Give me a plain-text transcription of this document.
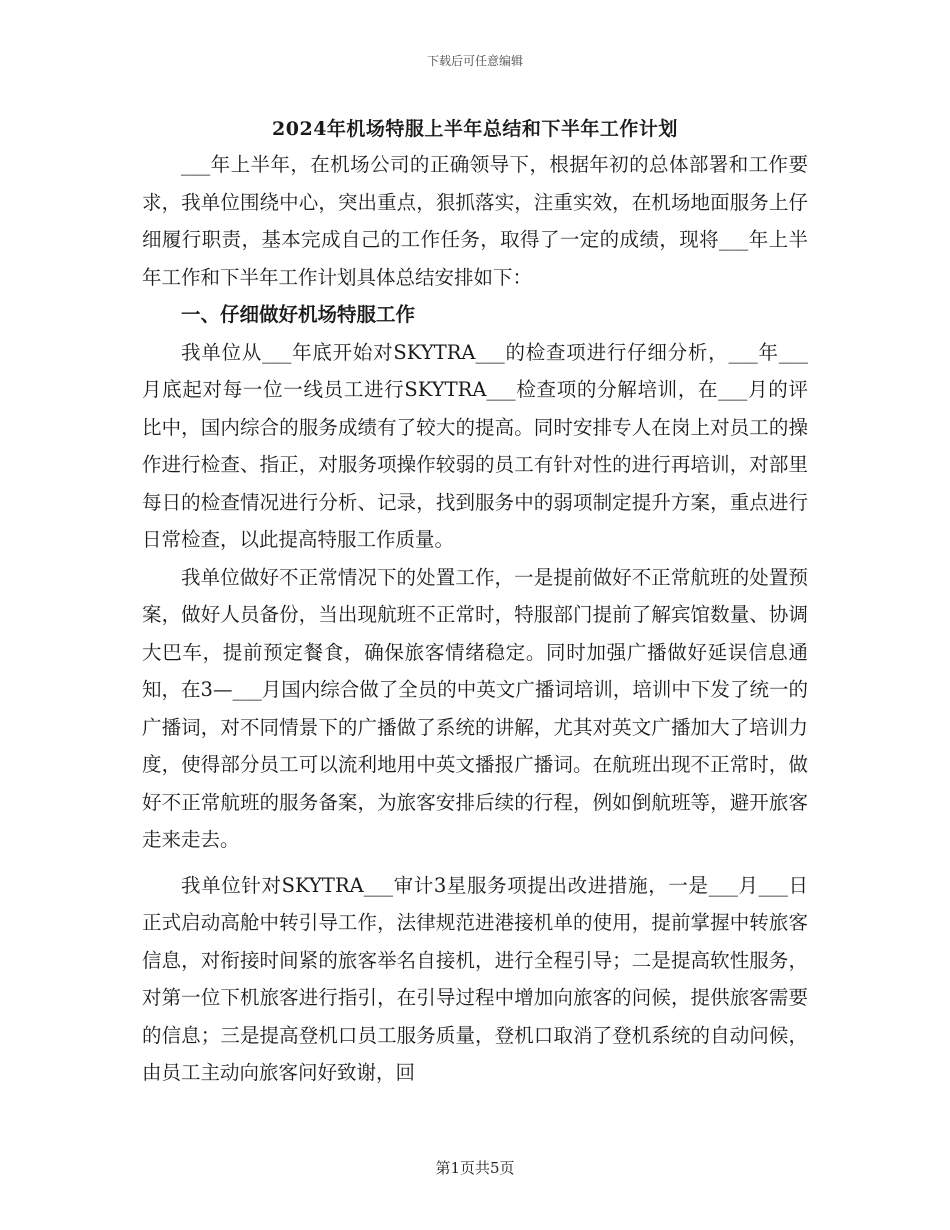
下载后可任意编辑
2024年机场特服上半年总结和下半年工作计划

___年上半年，在机场公司的正确领导下，根据年初的总体部署和工作要求，我单位围绕中心，突出重点，狠抓落实，注重实效，在机场地面服务上仔细履行职责，基本完成自己的工作任务，取得了一定的成绩，现将___年上半年工作和下半年工作计划具体总结安排如下：

一、仔细做好机场特服工作

我单位从___年底开始对SKYTRA___的检查项进行仔细分析，___年___月底起对每一位一线员工进行SKYTRA___检查项的分解培训，在___月的评比中，国内综合的服务成绩有了较大的提高。同时安排专人在岗上对员工的操作进行检查、指正，对服务项操作较弱的员工有针对性的进行再培训，对部里每日的检查情况进行分析、记录，找到服务中的弱项制定提升方案，重点进行日常检查，以此提高特服工作质量。

我单位做好不正常情况下的处置工作，一是提前做好不正常航班的处置预案，做好人员备份，当出现航班不正常时，特服部门提前了解宾馆数量、协调大巴车，提前预定餐食，确保旅客情绪稳定。同时加强广播做好延误信息通知，在3—___月国内综合做了全员的中英文广播词培训，培训中下发了统一的广播词，对不同情景下的广播做了系统的讲解，尤其对英文广播加大了培训力度，使得部分员工可以流利地用中英文播报广播词。在航班出现不正常时，做好不正常航班的服务备案，为旅客安排后续的行程，例如倒航班等，避开旅客走来走去。

我单位针对SKYTRA___审计3星服务项提出改进措施，一是___月___日正式启动高舱中转引导工作，法律规范进港接机单的使用，提前掌握中转旅客信息，对衔接时间紧的旅客举名自接机，进行全程引导；二是提高软性服务，对第一位下机旅客进行指引，在引导过程中增加向旅客的问候，提供旅客需要的信息；三是提高登机口员工服务质量，登机口取消了登机系统的自动问候，由员工主动向旅客问好致谢，回

第1页共5页
